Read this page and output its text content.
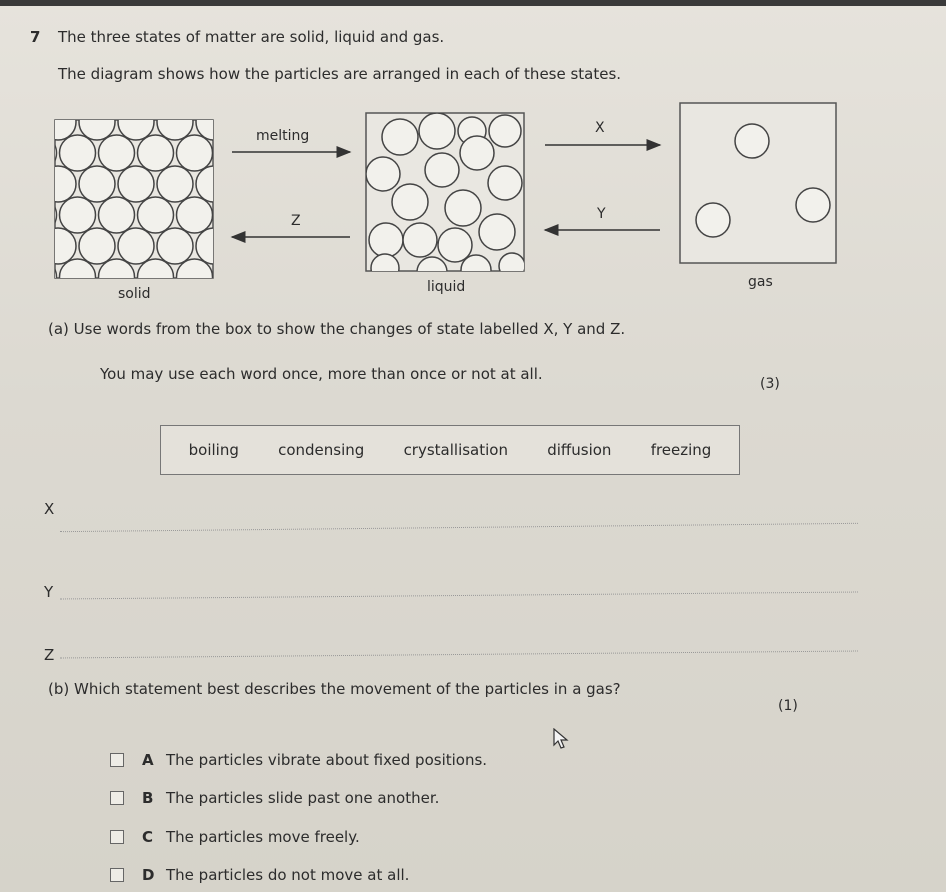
7 The three states of matter are solid, liquid and gas.
The diagram shows how the particles are arranged in each of these states.
melting
Z
X
Y
solid	liquid	gas
(a) Use words from the box to show the changes of state labelled X, Y and Z.
You may use each word once, more than once or not at all.
(3)
boiling	condensing	crystallisation	diffusion	freezing
X
Y
Z
(b) Which statement best describes the movement of the particles in a gas?
(1)
A The particles vibrate about fixed positions.
B The particles slide past one another.
C The particles move freely.
D The particles do not move at all.
